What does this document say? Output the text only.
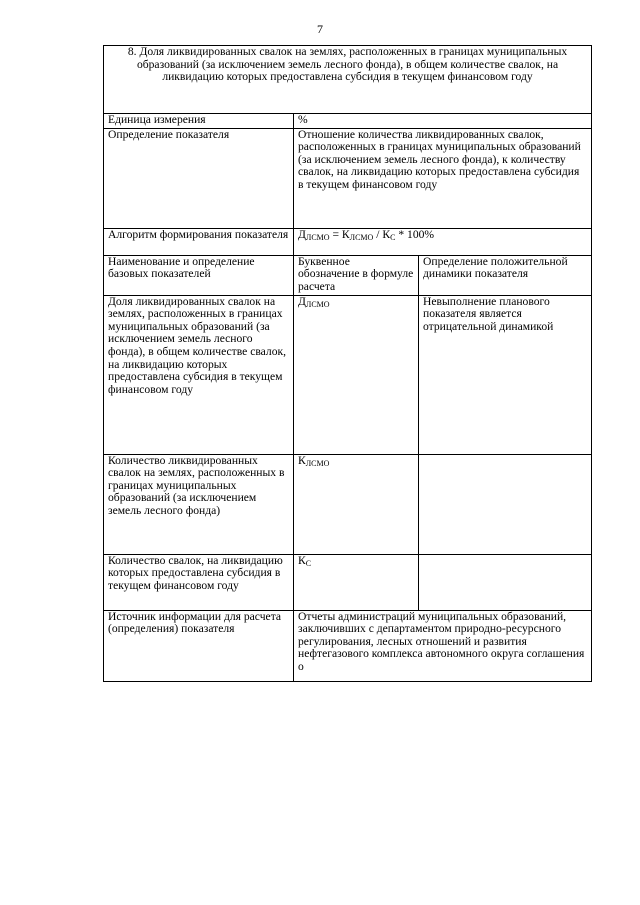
7
8. Доля ликвидированных свалок на землях, расположенных в границах муниципальных образований (за исключением земель лесного фонда), в общем количестве свалок, на ликвидацию которых предоставлена субсидия в текущем финансовом году		
Единица измерения	%	
Определение показателя	Отношение количества ликвидированных свалок, расположенных в границах муниципальных образований (за исключением земель лесного фонда), к количеству свалок, на ликвидацию которых предоставлена субсидия в текущем финансовом году	
Алгоритм формирования показателя	$Д_{ЛСМО} = К_{ЛСМО} / К_С * 100\%$	
Наименование и определение базовых показателей	Буквенное обозначение в формуле расчета	Определение положительной динамики показателя
Доля ликвидированных свалок на землях, расположенных в границах муниципальных образований (за исключением земель лесного фонда), в общем количестве свалок, на ликвидацию которых предоставлена субсидия в текущем финансовом году	$Д_{ЛСМО}$	Невыполнение планового показателя является отрицательной динамикой
Количество ликвидированных свалок на землях, расположенных в границах муниципальных образований (за исключением земель лесного фонда)	$К_{ЛСМО}$	
Количество свалок, на ликвидацию которых предоставлена субсидия в текущем финансовом году	$К_С$	
Источник информации для расчета (определения) показателя	Отчеты администраций муниципальных образований, заключивших с департаментом природно-ресурсного регулирования, лесных отношений и развития нефтегазового комплекса автономного округа соглашения о	
